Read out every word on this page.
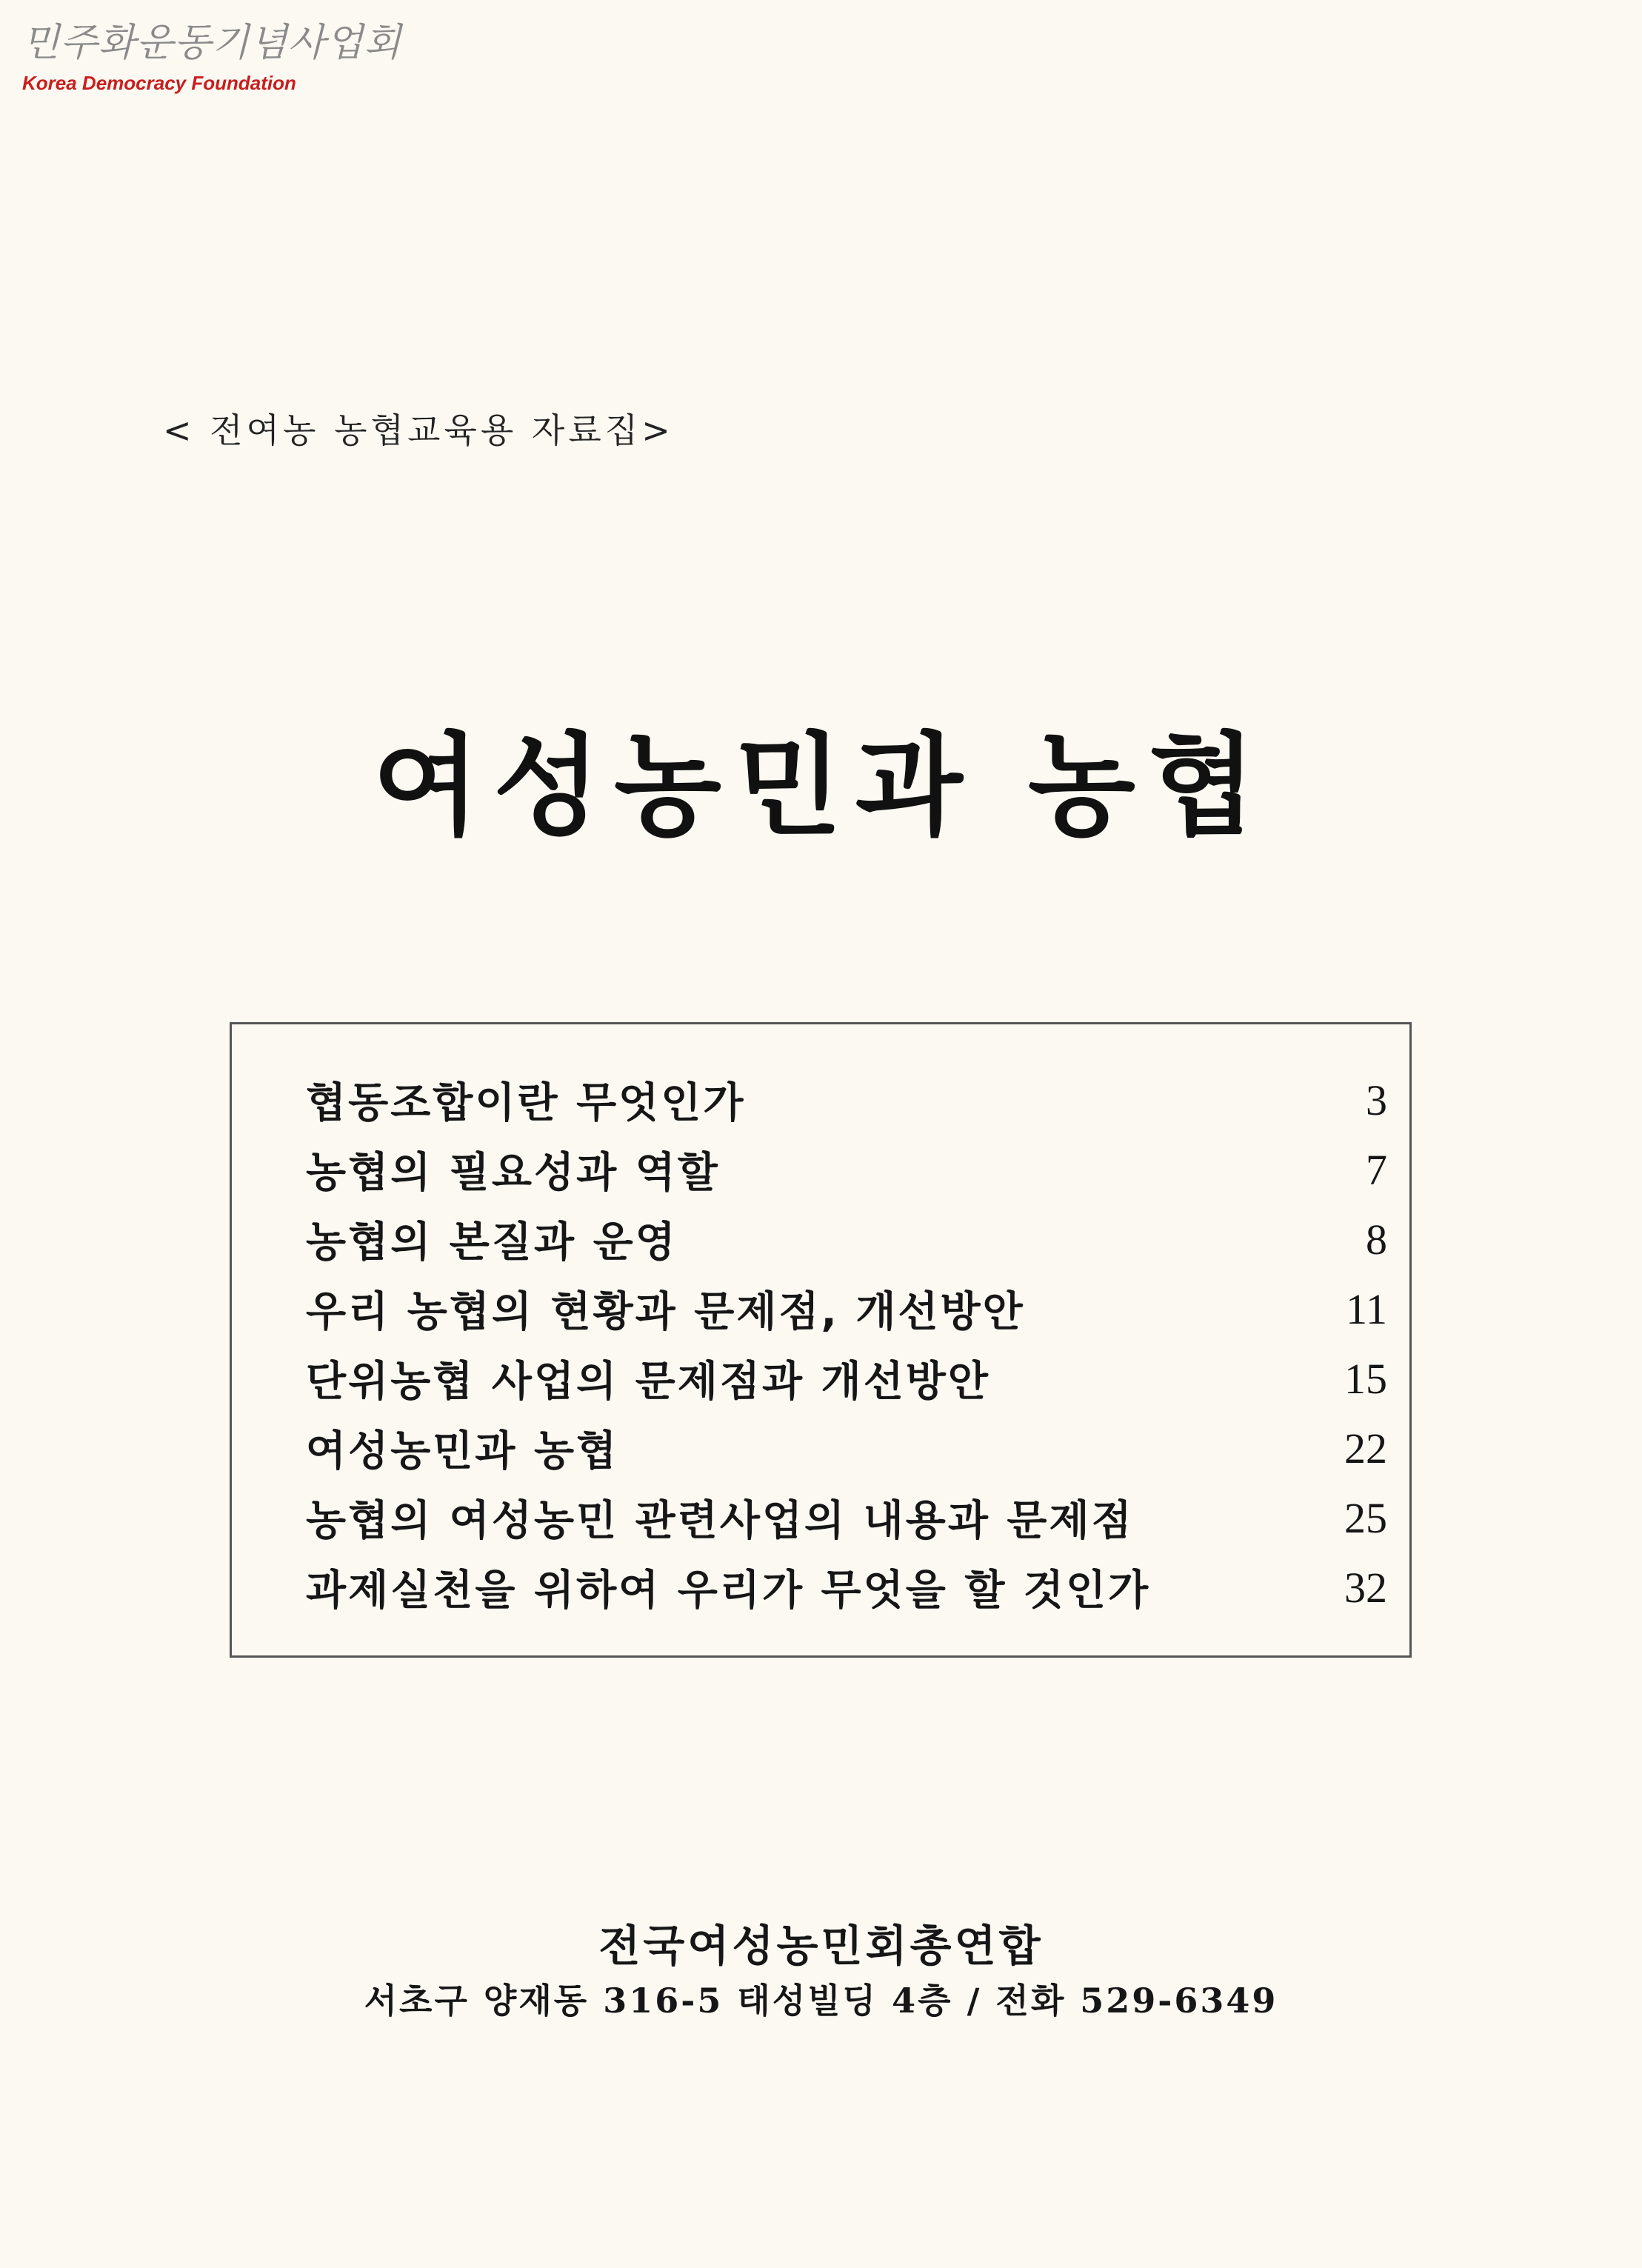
민주화운동기념사업회
Korea Democracy Foundation
< 전여농 농협교육용 자료집>
여성농민과 농협
협동조합이란 무엇인가	3
농협의 필요성과 역할	7
농협의 본질과 운영	8
우리 농협의 현황과 문제점, 개선방안	11
단위농협 사업의 문제점과 개선방안	15
여성농민과 농협	22
농협의 여성농민 관련사업의 내용과 문제점	25
과제실천을 위하여 우리가 무엇을 할 것인가	32
전국여성농민회총연합
서초구 양재동 316-5 태성빌딩 4층 / 전화 529-6349
